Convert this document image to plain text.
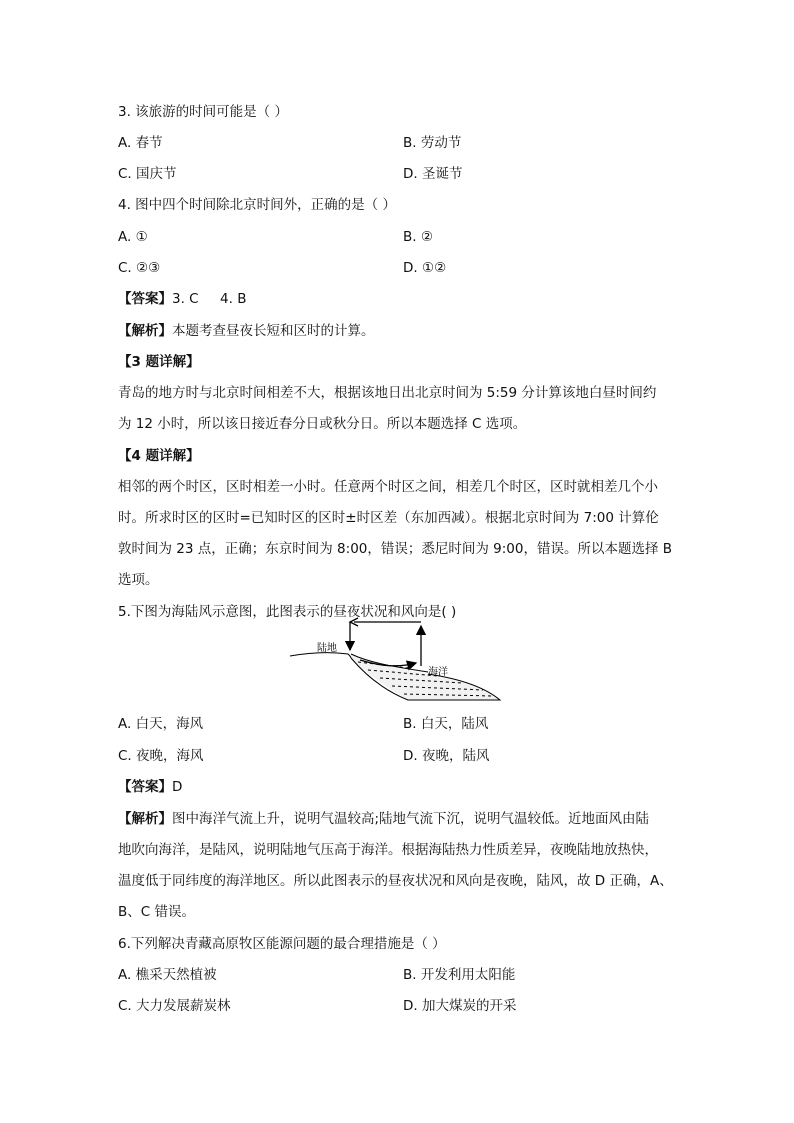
3. 该旅游的时间可能是（ ）
A. 春节	B. 劳动节
C. 国庆节	D. 圣诞节
4. 图中四个时间除北京时间外，正确的是（ ）
A. ①	B. ②
C. ②③	D. ①②
【答案】3. C     4. B
【解析】本题考查昼夜长短和区时的计算。
【3 题详解】
青岛的地方时与北京时间相差不大，根据该地日出北京时间为 5:59 分计算该地白昼时间约
为 12 小时，所以该日接近春分日或秋分日。所以本题选择 C 选项。
【4 题详解】
相邻的两个时区，区时相差一小时。任意两个时区之间，相差几个时区，区时就相差几个小
时。所求时区的区时=已知时区的区时±时区差（东加西减）。根据北京时间为 7:00 计算伦
敦时间为 23 点，正确；东京时间为 8:00，错误；悉尼时间为 9:00，错误。所以本题选择 B
选项。
5.下图为海陆风示意图，此图表示的昼夜状况和风向是( )
陆地
海洋
A. 白天，海风	B. 白天，陆风
C. 夜晚，海风	D. 夜晚，陆风
【答案】D
【解析】图中海洋气流上升，说明气温较高;陆地气流下沉，说明气温较低。近地面风由陆
地吹向海洋，是陆风，说明陆地气压高于海洋。根据海陆热力性质差异，夜晚陆地放热快，
温度低于同纬度的海洋地区。所以此图表示的昼夜状况和风向是夜晚，陆风，故 D 正确，A、
B、C 错误。
6.下列解决青藏高原牧区能源问题的最合理措施是（ ）
A. 樵采天然植被	B. 开发利用太阳能
C. 大力发展薪炭林	D. 加大煤炭的开采
